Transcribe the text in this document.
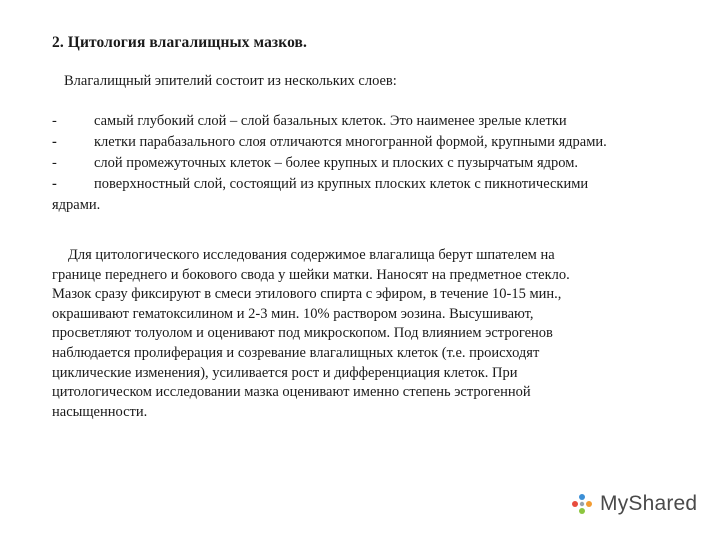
2. Цитология влагалищных мазков.
Влагалищный эпителий состоит из нескольких слоев:
-	самый глубокий слой – слой базальных клеток. Это наименее зрелые клетки
-	клетки парабазального слоя отличаются многогранной формой, крупными ядрами.
-	слой промежуточных клеток – более крупных и плоских с пузырчатым ядром.
-	поверхностный слой, состоящий из крупных плоских клеток с пикнотическими
ядрами.
Для цитологического исследования содержимое влагалища берут шпателем на
границе переднего и бокового свода у шейки матки. Наносят на предметное стекло.
Мазок сразу фиксируют в смеси этилового спирта с эфиром, в течение 10-15 мин.,
окрашивают гематоксилином и 2-3 мин. 10% раствором эозина. Высушивают,
просветляют толуолом и оценивают под микроскопом. Под влиянием эстрогенов
наблюдается пролиферация и созревание влагалищных клеток (т.е. происходят
циклические изменения), усиливается рост и дифференциация клеток. При
цитологическом исследовании мазка оценивают именно степень эстрогенной
насыщенности.
MyShared
